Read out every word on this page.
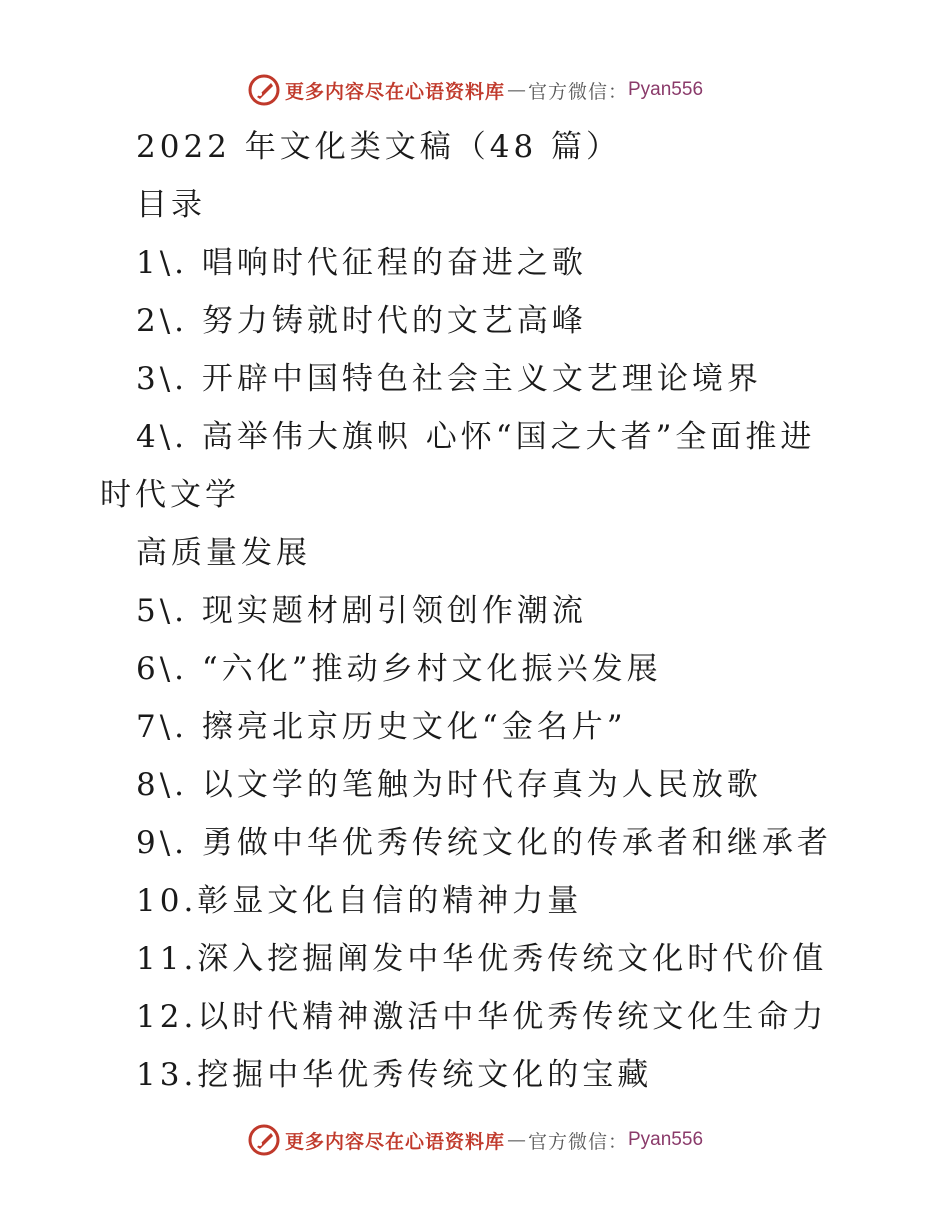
更多内容尽在心语资料库 — 官方微信： Pyan556
2022 年文化类文稿（48 篇）
目录
1\. 唱响时代征程的奋进之歌
2\. 努力铸就时代的文艺高峰
3\. 开辟中国特色社会主义文艺理论境界
4\. 高举伟大旗帜 心怀“国之大者”全面推进
时代文学
高质量发展
5\. 现实题材剧引领创作潮流
6\. “六化”推动乡村文化振兴发展
7\. 擦亮北京历史文化“金名片”
8\. 以文学的笔触为时代存真为人民放歌
9\. 勇做中华优秀传统文化的传承者和继承者
10.彰显文化自信的精神力量
11.深入挖掘阐发中华优秀传统文化时代价值
12.以时代精神激活中华优秀传统文化生命力
13.挖掘中华优秀传统文化的宝藏
更多内容尽在心语资料库 — 官方微信： Pyan556
